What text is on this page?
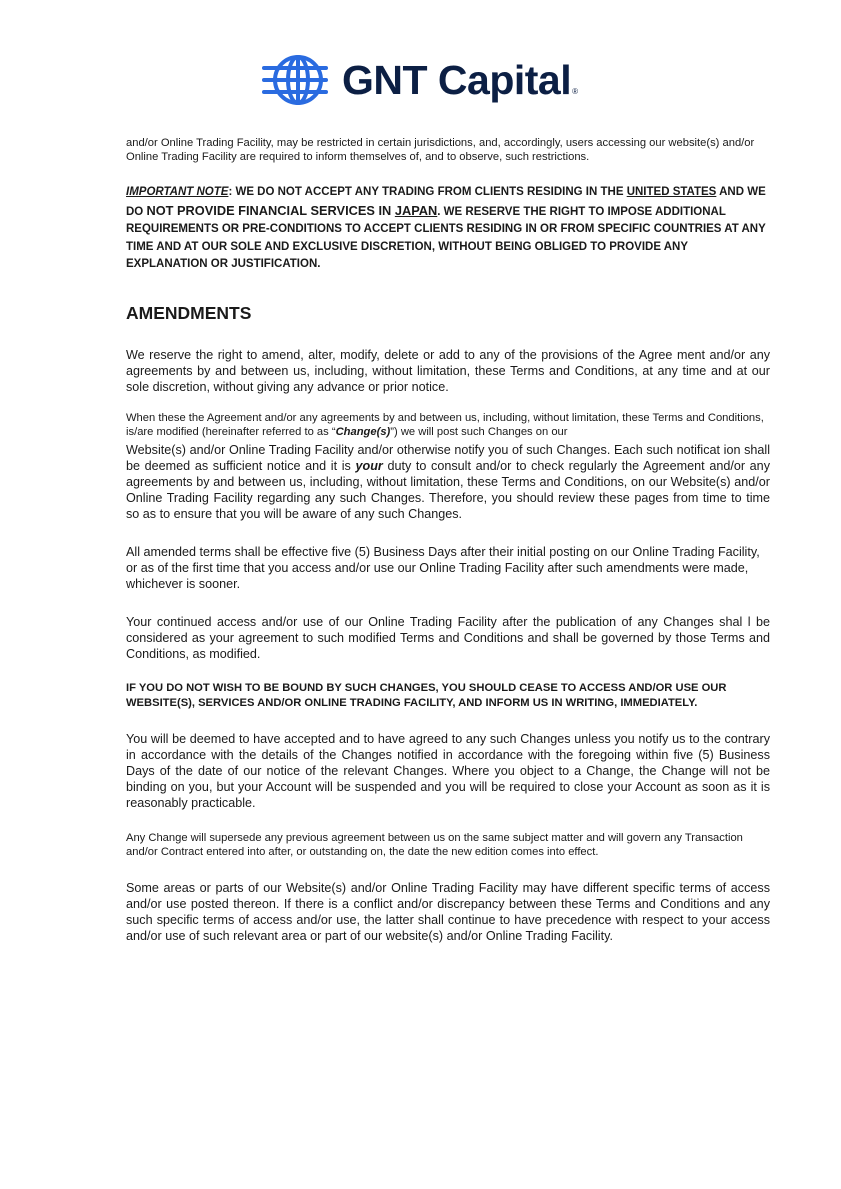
GNT Capital ®

and/or Online Trading Facility, may be restricted in certain jurisdictions, and, accordingly, users accessing our website(s) and/or Online Trading Facility are required to inform themselves of, and to observe, such restrictions.

IMPORTANT NOTE: WE DO NOT ACCEPT ANY TRADING FROM CLIENTS RESIDING IN THE UNITED STATES AND WE DO NOT PROVIDE FINANCIAL SERVICES IN JAPAN. WE RESERVE THE RIGHT TO IMPOSE ADDITIONAL REQUIREMENTS OR PRE-CONDITIONS TO ACCEPT CLIENTS RESIDING IN OR FROM SPECIFIC COUNTRIES AT ANY TIME AND AT OUR SOLE AND EXCLUSIVE DISCRETION, WITHOUT BEING OBLIGED TO PROVIDE ANY EXPLANATION OR JUSTIFICATION.

AMENDMENTS

We reserve the right to amend, alter, modify, delete or add to any of the provisions of the Agree ment and/or any agreements by and between us, including, without limitation, these Terms and Conditions, at any time and at our sole discretion, without giving any advance or prior notice.

When these the Agreement and/or any agreements by and between us, including, without limitation, these Terms and Conditions, is/are modified (hereinafter referred to as “Change(s)”) we will post such Changes on our

Website(s) and/or Online Trading Facility and/or otherwise notify you of such Changes. Each such notificat ion shall be deemed as sufficient notice and it is your duty to consult and/or to check regularly the Agreement and/or any agreements by and between us, including, without limitation, these Terms and Conditions, on our Website(s) and/or Online Trading Facility regarding any such Changes. Therefore, you should review these pages from time to time so as to ensure that you will be aware of any such Changes.

All amended terms shall be effective five (5) Business Days after their initial posting on our Online Trading Facility, or as of the first time that you access and/or use our Online Trading Facility after such amendments were made, whichever is sooner.

Your continued access and/or use of our Online Trading Facility after the publication of any Changes shal l be considered as your agreement to such modified Terms and Conditions and shall be governed by those Terms and Conditions, as modified.

IF YOU DO NOT WISH TO BE BOUND BY SUCH CHANGES, YOU SHOULD CEASE TO ACCESS AND/OR USE OUR WEBSITE(S), SERVICES AND/OR ONLINE TRADING FACILITY, AND INFORM US IN WRITING, IMMEDIATELY.

You will be deemed to have accepted and to have agreed to any such Changes unless you notify us to the contrary in accordance with the details of the Changes notified in accordance with the foregoing within five (5) Business Days of the date of our notice of the relevant Changes. Where you object to a Change, the Change will not be binding on you, but your Account will be suspended and you will be required to close your Account as soon as it is reasonably practicable.

Any Change will supersede any previous agreement between us on the same subject matter and will govern any Transaction and/or Contract entered into after, or outstanding on, the date the new edition comes into effect.

Some areas or parts of our Website(s) and/or Online Trading Facility may have different specific terms of access and/or use posted thereon. If there is a conflict and/or discrepancy between these Terms and Conditions and any such specific terms of access and/or use, the latter shall continue to have precedence with respect to your access and/or use of such relevant area or part of our website(s) and/or Online Trading Facility.
